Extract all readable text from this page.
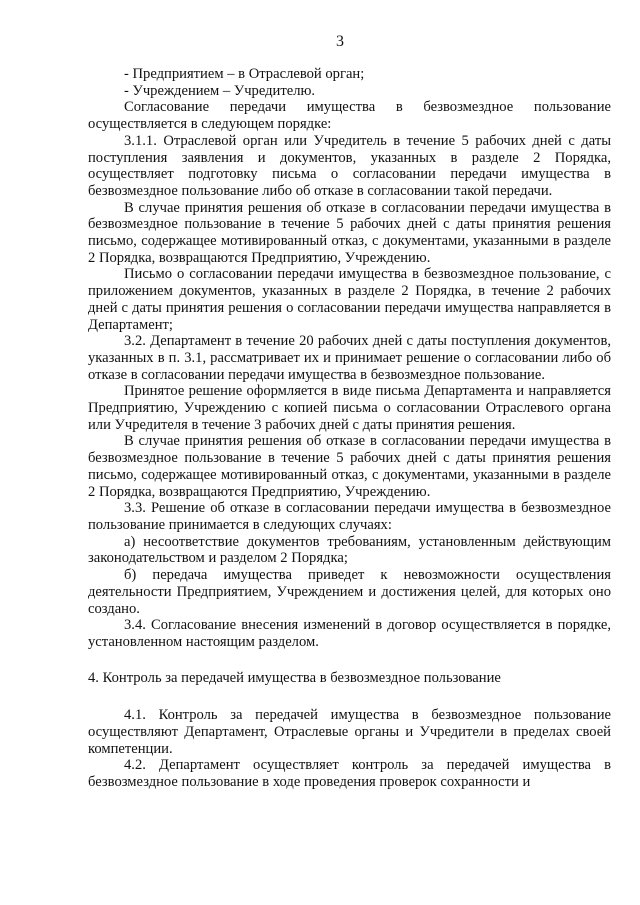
3

- Предприятием – в Отраслевой орган;

- Учреждением – Учредителю.

Согласование передачи имущества в безвозмездное пользование осуществляется в следующем порядке:

3.1.1. Отраслевой орган или Учредитель в течение 5 рабочих дней с даты поступления заявления и документов, указанных в разделе 2 Порядка, осуществляет подготовку письма о согласовании передачи имущества в безвозмездное пользование либо об отказе в согласовании такой передачи.

В случае принятия решения об отказе в согласовании передачи имущества в безвозмездное пользование в течение 5 рабочих дней с даты принятия решения письмо, содержащее мотивированный отказ, с документами, указанными в разделе 2 Порядка, возвращаются Предприятию, Учреждению.

Письмо о согласовании передачи имущества в безвозмездное пользование, с приложением документов, указанных в разделе 2 Порядка, в течение 2 рабочих дней с даты принятия решения о согласовании передачи имущества направляется в Департамент;

3.2. Департамент в течение 20 рабочих дней с даты поступления документов, указанных в п. 3.1, рассматривает их и принимает решение о согласовании либо об отказе в согласовании передачи имущества в безвозмездное пользование.

Принятое решение оформляется в виде письма Департамента и направляется Предприятию, Учреждению с копией письма о согласовании Отраслевого органа или Учредителя в течение 3 рабочих дней с даты принятия решения.

В случае принятия решения об отказе в согласовании передачи имущества в безвозмездное пользование в течение 5 рабочих дней с даты принятия решения письмо, содержащее мотивированный отказ, с документами, указанными в разделе 2 Порядка, возвращаются Предприятию, Учреждению.

3.3. Решение об отказе в согласовании передачи имущества в безвозмездное пользование принимается в следующих случаях:

а) несоответствие документов требованиям, установленным действующим законодательством и разделом 2 Порядка;

б) передача имущества приведет к невозможности осуществления деятельности Предприятием, Учреждением и достижения целей, для которых оно создано.

3.4. Согласование внесения изменений в договор осуществляется в порядке, установленном настоящим разделом.

4. Контроль за передачей имущества в безвозмездное пользование

4.1. Контроль за передачей имущества в безвозмездное пользование осуществляют Департамент, Отраслевые органы и Учредители в пределах своей компетенции.

4.2. Департамент осуществляет контроль за передачей имущества в безвозмездное пользование в ходе проведения проверок сохранности и
